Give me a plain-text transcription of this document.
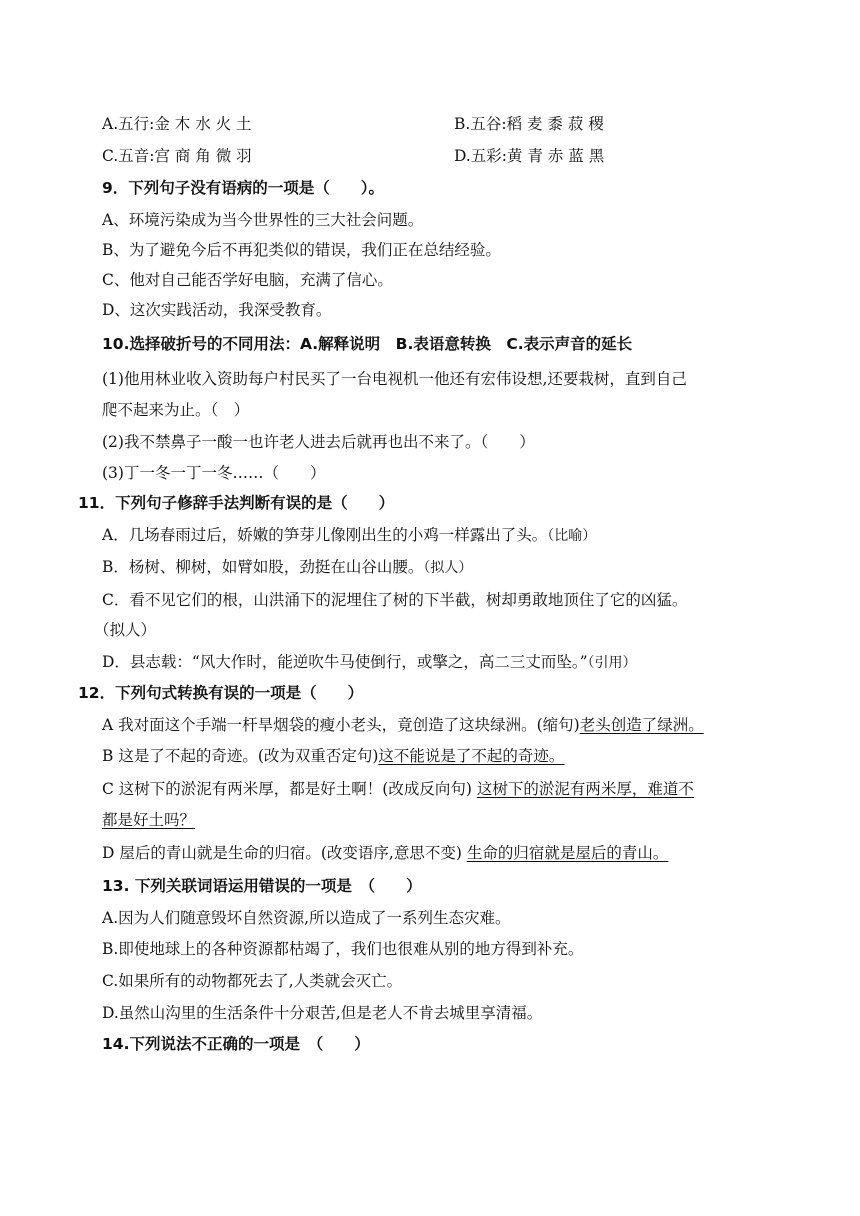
A.五行:金 木 水 火 土	B.五谷:稻 麦 黍 菽 稷
C.五音:宫 商 角 微 羽	D.五彩:黄 青 赤 蓝 黑
9．下列句子没有语病的一项是（　　）。
A、环境污染成为当今世界性的三大社会问题。
B、为了避免今后不再犯类似的错误，我们正在总结经验。
C、他对自己能否学好电脑，充满了信心。
D、这次实践活动，我深受教育。
10.选择破折号的不同用法：A.解释说明　B.表语意转换　C.表示声音的延长
(1)他用林业收入资助每户村民买了一台电视机一他还有宏伟设想,还要栽树，直到自己
爬不起来为止。（　）
(2)我不禁鼻子一酸一也许老人进去后就再也出不来了。（　　）
(3)丁一冬一丁一冬……（　　）
11．下列句子修辞手法判断有误的是（　　）
A．几场春雨过后，娇嫩的笋芽儿像刚出生的小鸡一样露出了头。（比喻）
B．杨树、柳树，如臂如股，劲挺在山谷山腰。（拟人）
C．看不见它们的根，山洪涌下的泥埋住了树的下半截，树却勇敢地顶住了它的凶猛。
（拟人）
D．县志载：“风大作时，能逆吹牛马使倒行，或擎之，高二三丈而坠。”（引用）
12．下列句式转换有误的一项是（　　）
A 我对面这个手端一杆旱烟袋的瘦小老头，竟创造了这块绿洲。(缩句)老头创造了绿洲。
B 这是了不起的奇迹。(改为双重否定句)这不能说是了不起的奇迹。
C 这树下的淤泥有两米厚，都是好土啊！(改成反向句) 这树下的淤泥有两米厚，难道不
都是好土吗？
D 屋后的青山就是生命的归宿。(改变语序,意思不变) 生命的归宿就是屋后的青山。
13. 下列关联词语运用错误的一项是　（　　）
A.因为人们随意毁坏自然资源,所以造成了一系列生态灾难。
B.即使地球上的各种资源都枯竭了，我们也很难从别的地方得到补充。
C.如果所有的动物都死去了,人类就会灭亡。
D.虽然山沟里的生活条件十分艰苦,但是老人不肯去城里享清福。
14.下列说法不正确的一项是　（　　）
